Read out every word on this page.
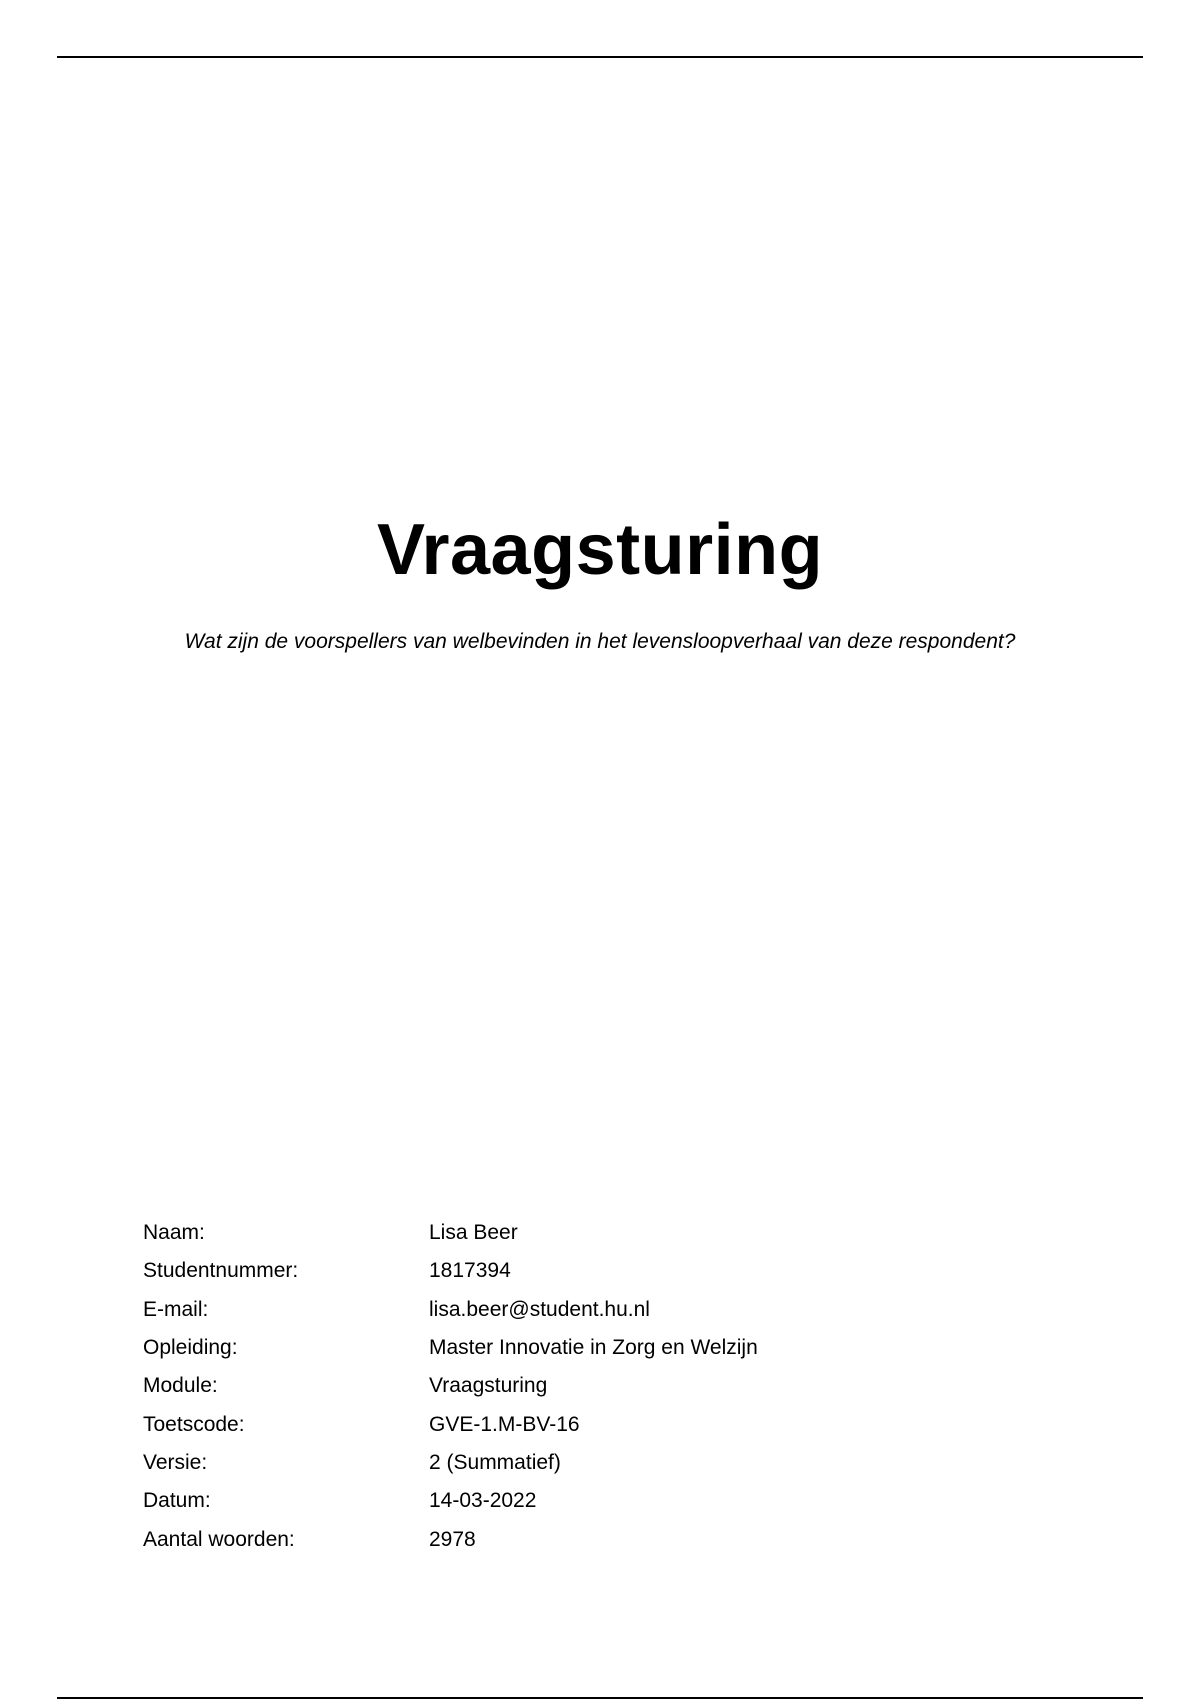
Vraagsturing
Wat zijn de voorspellers van welbevinden in het levensloopverhaal van deze respondent?
Naam:	Lisa Beer
Studentnummer:	1817394
E-mail:	lisa.beer@student.hu.nl
Opleiding:	Master Innovatie in Zorg en Welzijn
Module:	Vraagsturing
Toetscode:	GVE-1.M-BV-16
Versie:	2 (Summatief)
Datum:	14-03-2022
Aantal woorden:	2978
